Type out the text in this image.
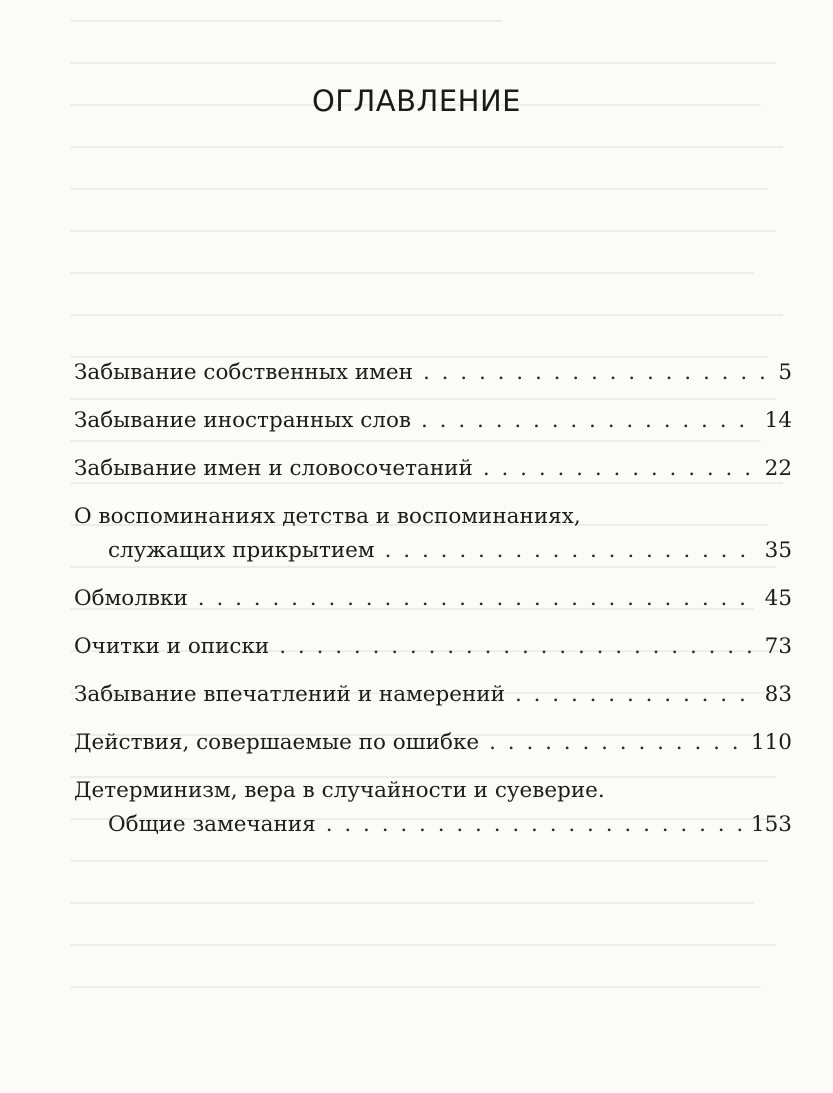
ОГЛАВЛЕНИЕ
Забывание собственных имен . . .	5
Забывание иностранных слов . . .	14
Забывание имен и словосочетаний . . .	22
О воспоминаниях детства и воспоминаниях,
служащих прикрытием . . .	35
Обмолвки . . .	45
Очитки и описки . . .	73
Забывание впечатлений и намерений . . .	83
Действия, совершаемые по ошибке . . .	110
Детерминизм, вера в случайности и суеверие.
Общие замечания . . .	153
